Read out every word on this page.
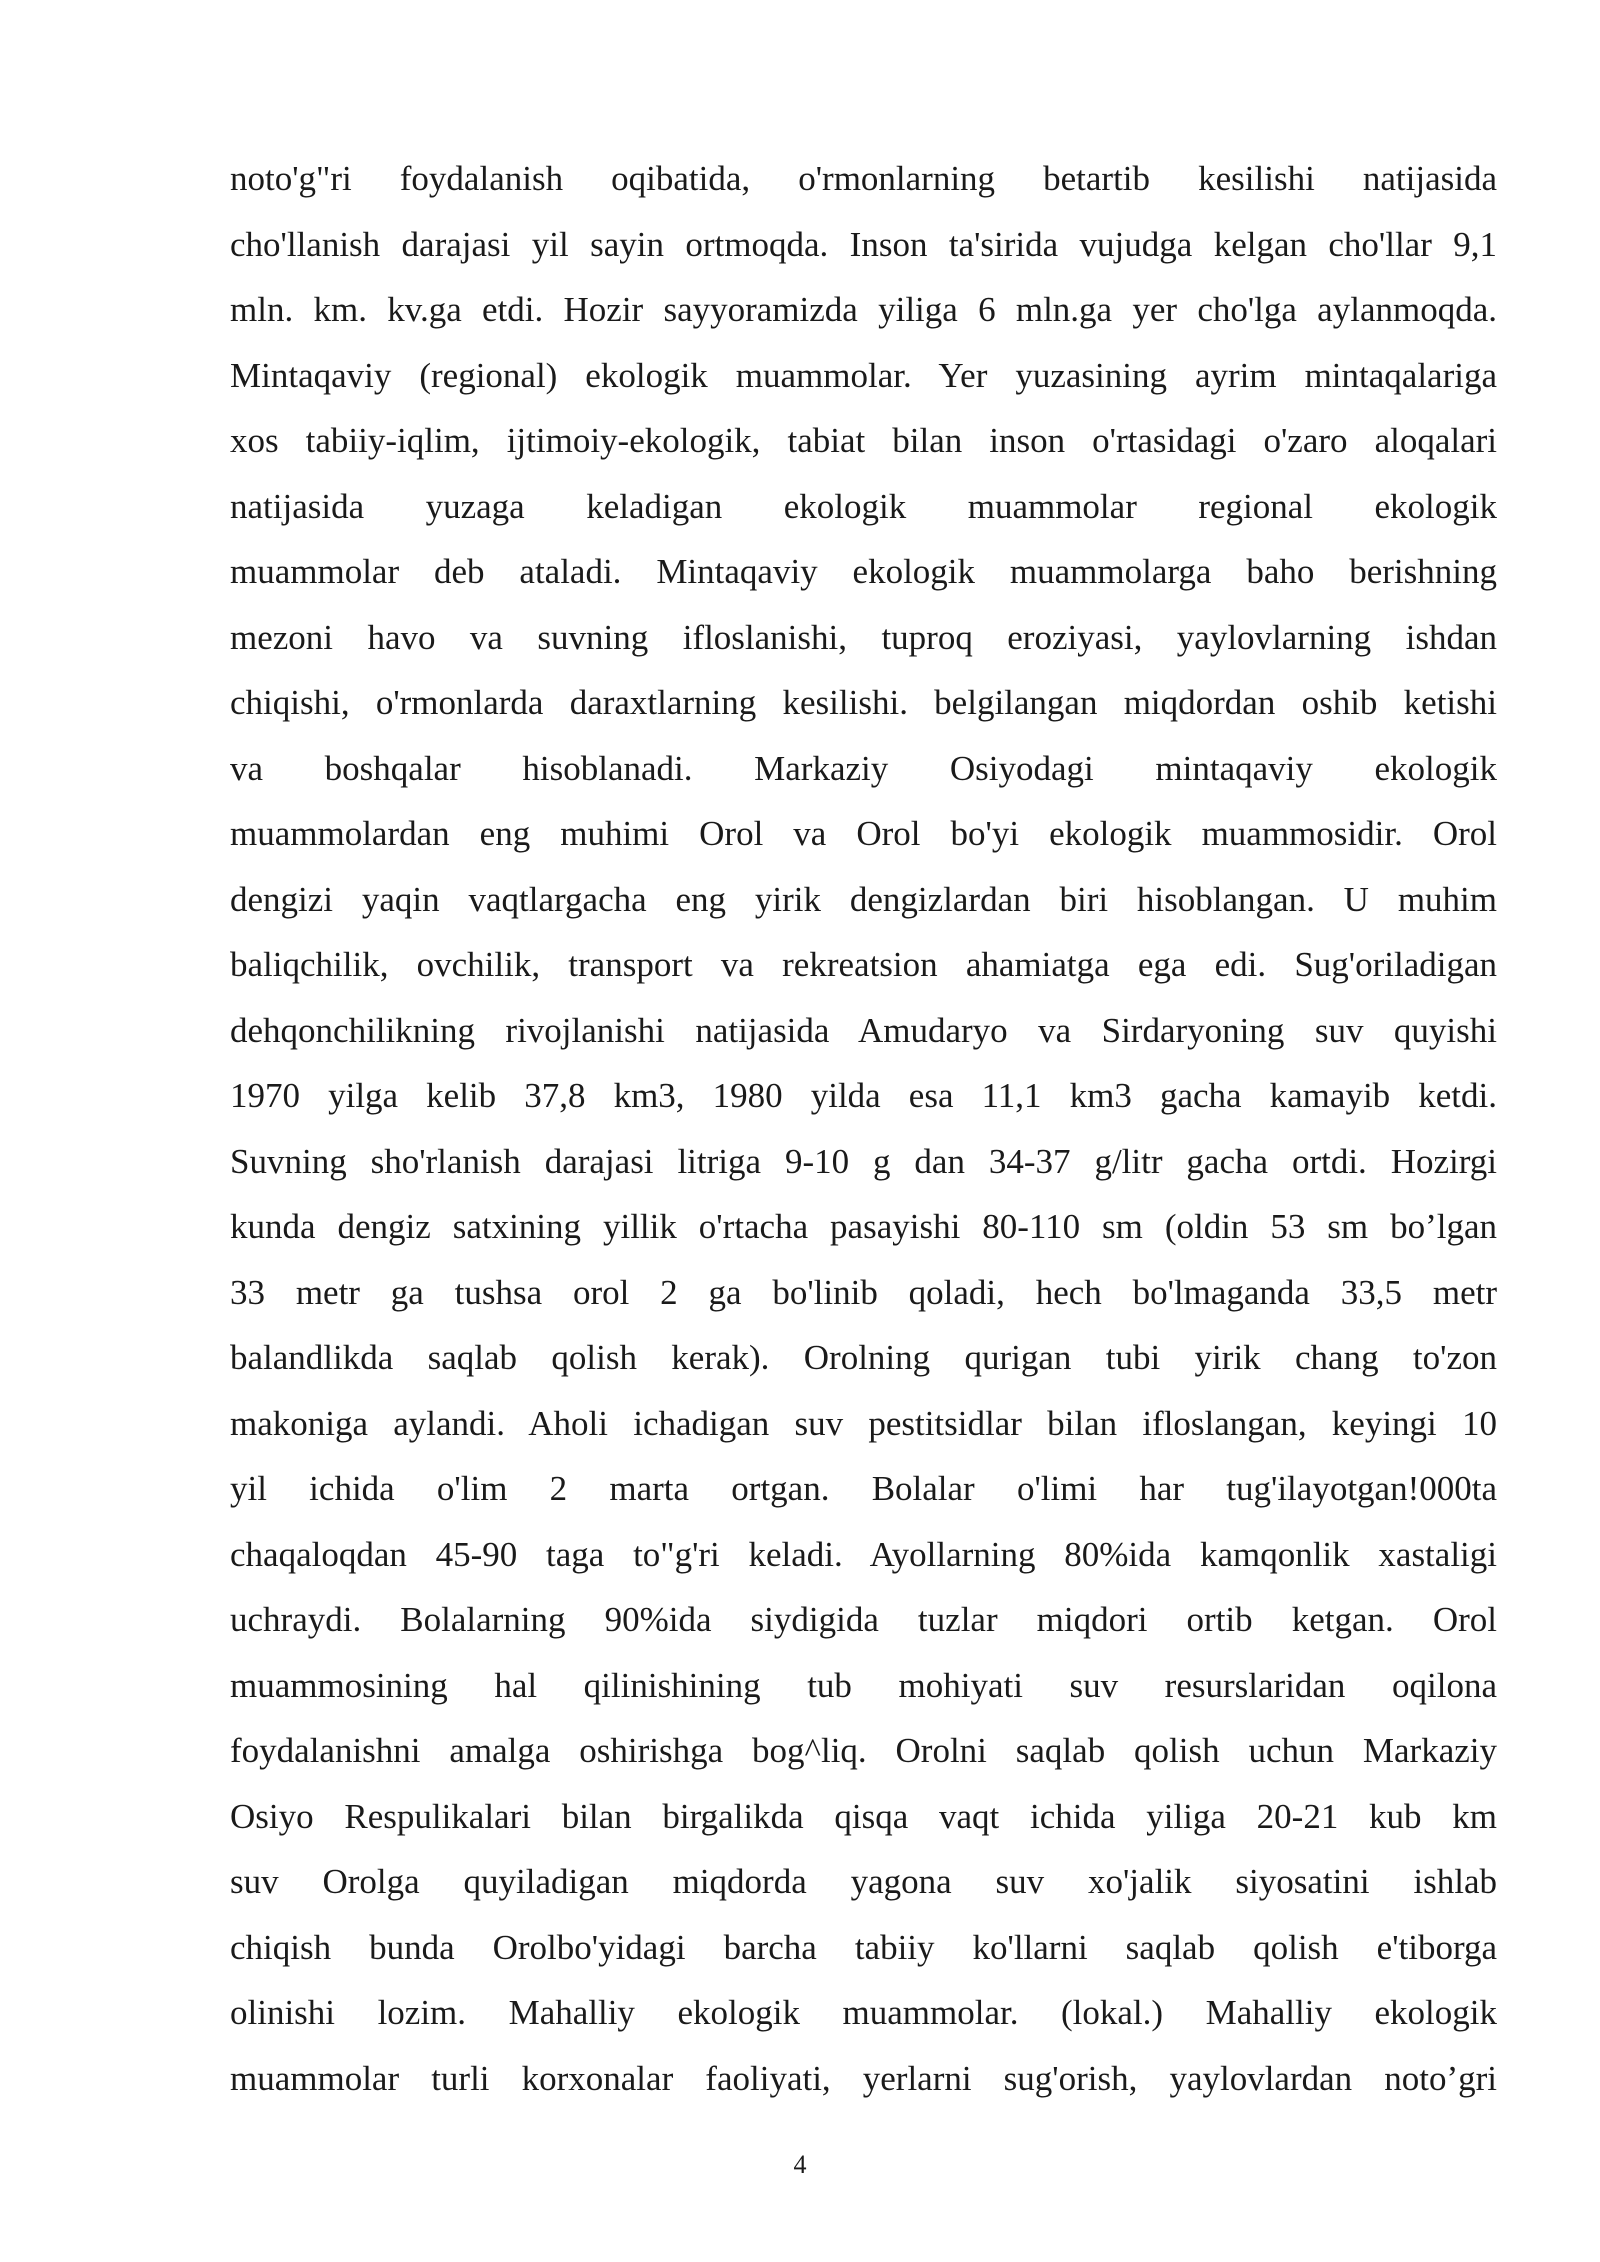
noto'g"ri foydalanish oqibatida, o'rmonlarning betartib kesilishi natijasida
cho'llanish darajasi yil sayin ortmoqda. Inson ta'sirida vujudga kelgan cho'llar 9,1
mln. km. kv.ga etdi. Hozir sayyoramizda yiliga 6 mln.ga yer cho'lga aylanmoqda.
Mintaqaviy (regional) ekologik muammolar. Yer yuzasining ayrim mintaqalariga
xos tabiiy-iqlim, ijtimoiy-ekologik, tabiat bilan inson o'rtasidagi o'zaro aloqalari
natijasida yuzaga keladigan ekologik muammolar regional ekologik
muammolar deb ataladi. Mintaqaviy ekologik muammolarga baho berishning
mezoni havo va suvning ifloslanishi, tuproq eroziyasi, yaylovlarning ishdan
chiqishi, o'rmonlarda daraxtlarning kesilishi. belgilangan miqdordan oshib ketishi
va boshqalar hisoblanadi. Markaziy Osiyodagi mintaqaviy ekologik
muammolardan eng muhimi Orol va Orol bo'yi ekologik muammosidir. Orol
dengizi yaqin vaqtlargacha eng yirik dengizlardan biri hisoblangan. U muhim
baliqchilik, ovchilik, transport va rekreatsion ahamiatga ega edi. Sug'oriladigan
dehqonchilikning rivojlanishi natijasida Amudaryo va Sirdaryoning suv quyishi
1970 yilga kelib 37,8 km3, 1980 yilda esa 11,1 km3 gacha kamayib ketdi.
Suvning sho'rlanish darajasi litriga 9-10 g dan 34-37 g/litr gacha ortdi. Hozirgi
kunda dengiz satxining yillik o'rtacha pasayishi 80-110 sm (oldin 53 sm bo’lgan
33 metr ga tushsa orol 2 ga bo'linib qoladi, hech bo'lmaganda 33,5 metr
balandlikda saqlab qolish kerak). Orolning qurigan tubi yirik chang to'zon
makoniga aylandi. Aholi ichadigan suv pestitsidlar bilan ifloslangan, keyingi 10
yil ichida o'lim 2 marta ortgan. Bolalar o'limi har tug'ilayotgan!000ta
chaqaloqdan 45-90 taga to"g'ri keladi. Ayollarning 80%ida kamqonlik xastaligi
uchraydi. Bolalarning 90%ida siydigida tuzlar miqdori ortib ketgan. Orol
muammosining hal qilinishining tub mohiyati suv resurslaridan oqilona
foydalanishni amalga oshirishga bog^liq. Orolni saqlab qolish uchun Markaziy
Osiyo Respulikalari bilan birgalikda qisqa vaqt ichida yiliga 20-21 kub km
suv Orolga quyiladigan miqdorda yagona suv xo'jalik siyosatini ishlab
chiqish bunda Orolbo'yidagi barcha tabiiy ko'llarni saqlab qolish e'tiborga
olinishi lozim. Mahalliy ekologik muammolar. (lokal.) Mahalliy ekologik
muammolar turli korxonalar faoliyati, yerlarni sug'orish, yaylovlardan noto’gri
4
